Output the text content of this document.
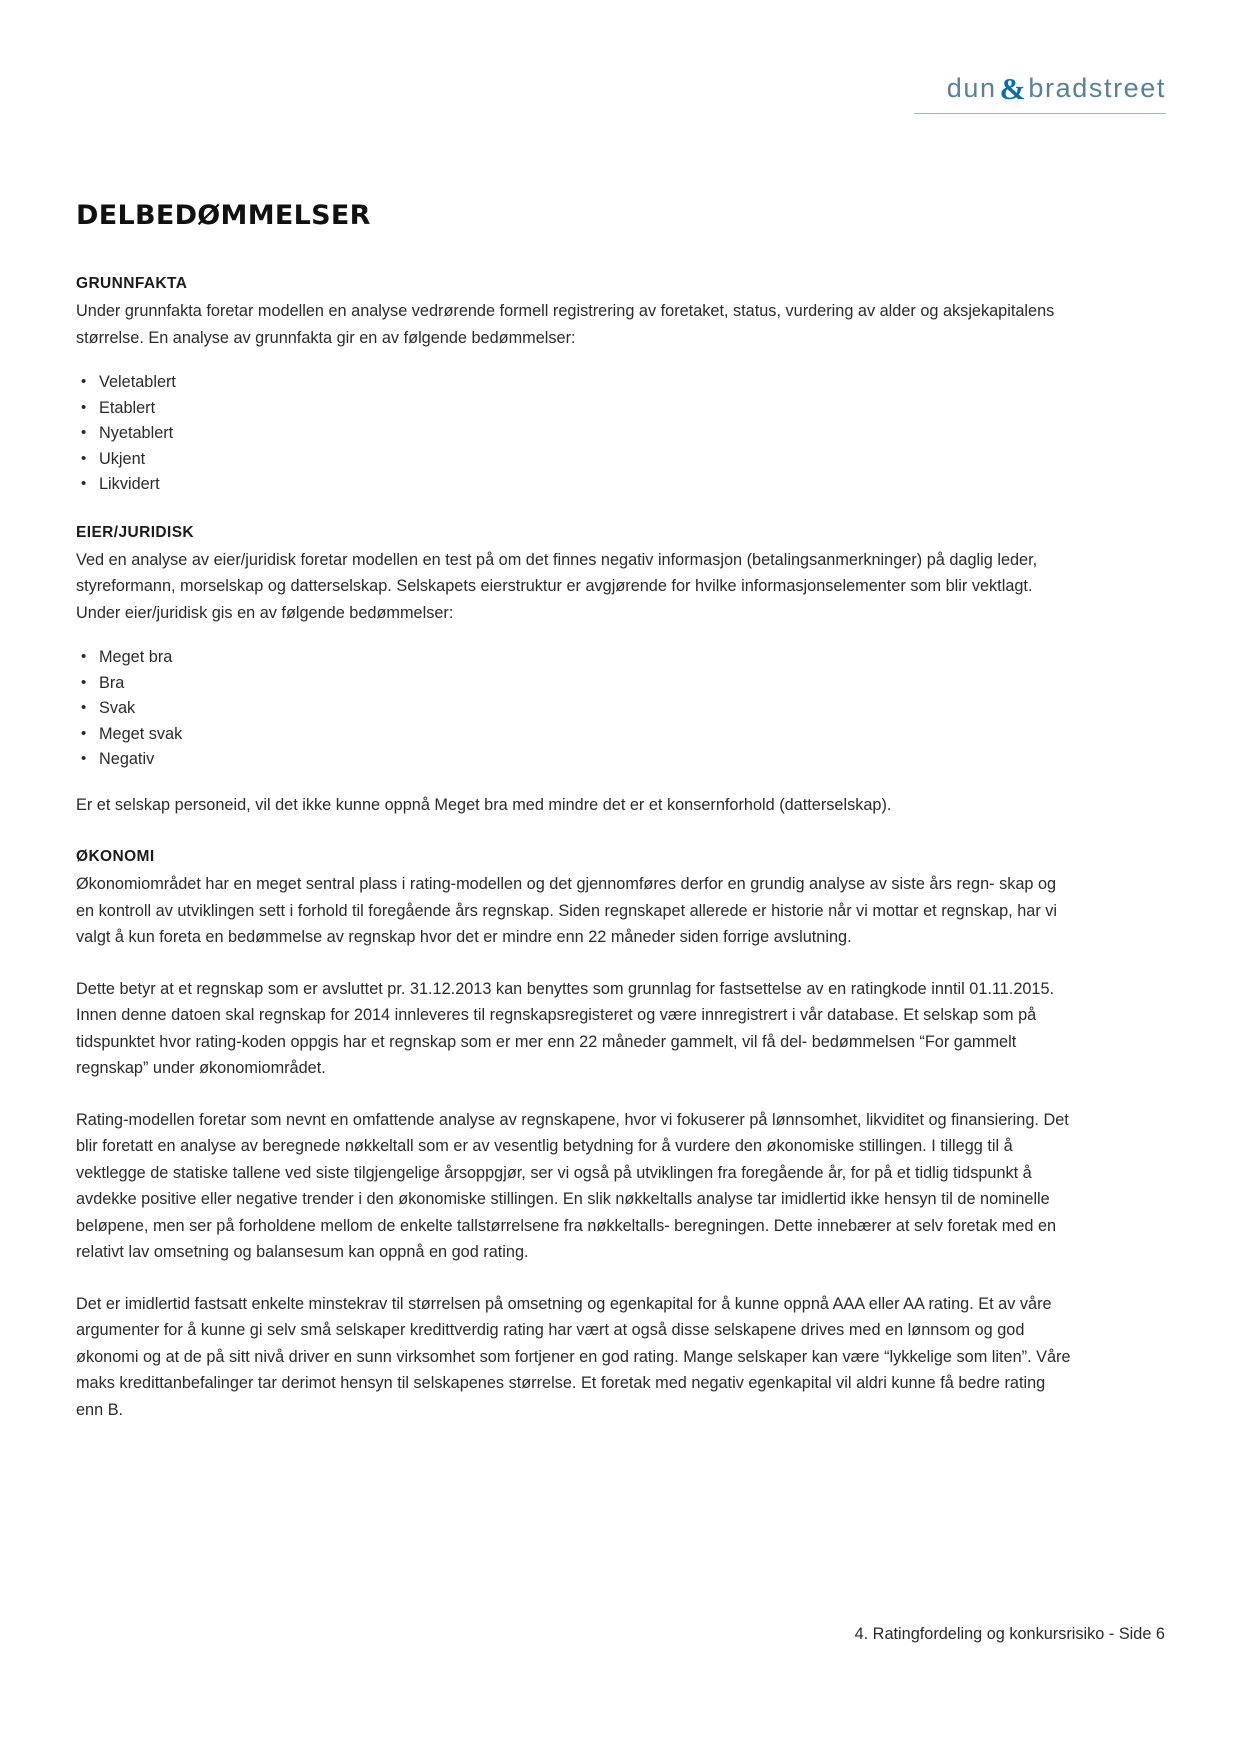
dun & bradstreet
DELBEDØMMELSER
GRUNNFAKTA

Under grunnfakta foretar modellen en analyse vedrørende formell registrering av foretaket, status, vurdering av alder og aksjekapitalens størrelse. En analyse av grunnfakta gir en av følgende bedømmelser:

• Veletablert
• Etablert
• Nyetablert
• Ukjent
• Likvidert
EIER/JURIDISK

Ved en analyse av eier/juridisk foretar modellen en test på om det finnes negativ informasjon (betalingsanmerkninger) på daglig leder, styreformann, morselskap og datterselskap. Selskapets eierstruktur er avgjørende for hvilke informasjonselementer som blir vektlagt. Under eier/juridisk gis en av følgende bedømmelser:

• Meget bra
• Bra
• Svak
• Meget svak
• Negativ

Er et selskap personeid, vil det ikke kunne oppnå Meget bra med mindre det er et konsernforhold (datterselskap).

ØKONOMI

Økonomiområdet har en meget sentral plass i rating-modellen og det gjennomføres derfor en grundig analyse av siste års regn- skap og en kontroll av utviklingen sett i forhold til foregående års regnskap. Siden regnskapet allerede er historie når vi mottar et regnskap, har vi valgt å kun foreta en bedømmelse av regnskap hvor det er mindre enn 22 måneder siden forrige avslutning.

Dette betyr at et regnskap som er avsluttet pr. 31.12.2013 kan benyttes som grunnlag for fastsettelse av en ratingkode inntil 01.11.2015. Innen denne datoen skal regnskap for 2014 innleveres til regnskapsregisteret og være innregistrert i vår database. Et selskap som på tidspunktet hvor rating-koden oppgis har et regnskap som er mer enn 22 måneder gammelt, vil få del- bedømmelsen “For gammelt regnskap” under økonomiområdet.

Rating-modellen foretar som nevnt en omfattende analyse av regnskapene, hvor vi fokuserer på lønnsomhet, likviditet og finansiering. Det blir foretatt en analyse av beregnede nøkkeltall som er av vesentlig betydning for å vurdere den økonomiske stillingen. I tillegg til å vektlegge de statiske tallene ved siste tilgjengelige årsoppgjør, ser vi også på utviklingen fra foregående år, for på et tidlig tidspunkt å avdekke positive eller negative trender i den økonomiske stillingen. En slik nøkkeltalls analyse tar imidlertid ikke hensyn til de nominelle beløpene, men ser på forholdene mellom de enkelte tallstørrelsene fra nøkkeltalls- beregningen. Dette innebærer at selv foretak med en relativt lav omsetning og balansesum kan oppnå en god rating.

Det er imidlertid fastsatt enkelte minstekrav til størrelsen på omsetning og egenkapital for å kunne oppnå AAA eller AA rating. Et av våre argumenter for å kunne gi selv små selskaper kredittverdig rating har vært at også disse selskapene drives med en lønnsom og god økonomi og at de på sitt nivå driver en sunn virksomhet som fortjener en god rating. Mange selskaper kan være “lykkelige som liten”. Våre maks kredittanbefalinger tar derimot hensyn til selskapenes størrelse. Et foretak med negativ egenkapital vil aldri kunne få bedre rating enn B.

4. Ratingfordeling og konkursrisiko - Side 6
